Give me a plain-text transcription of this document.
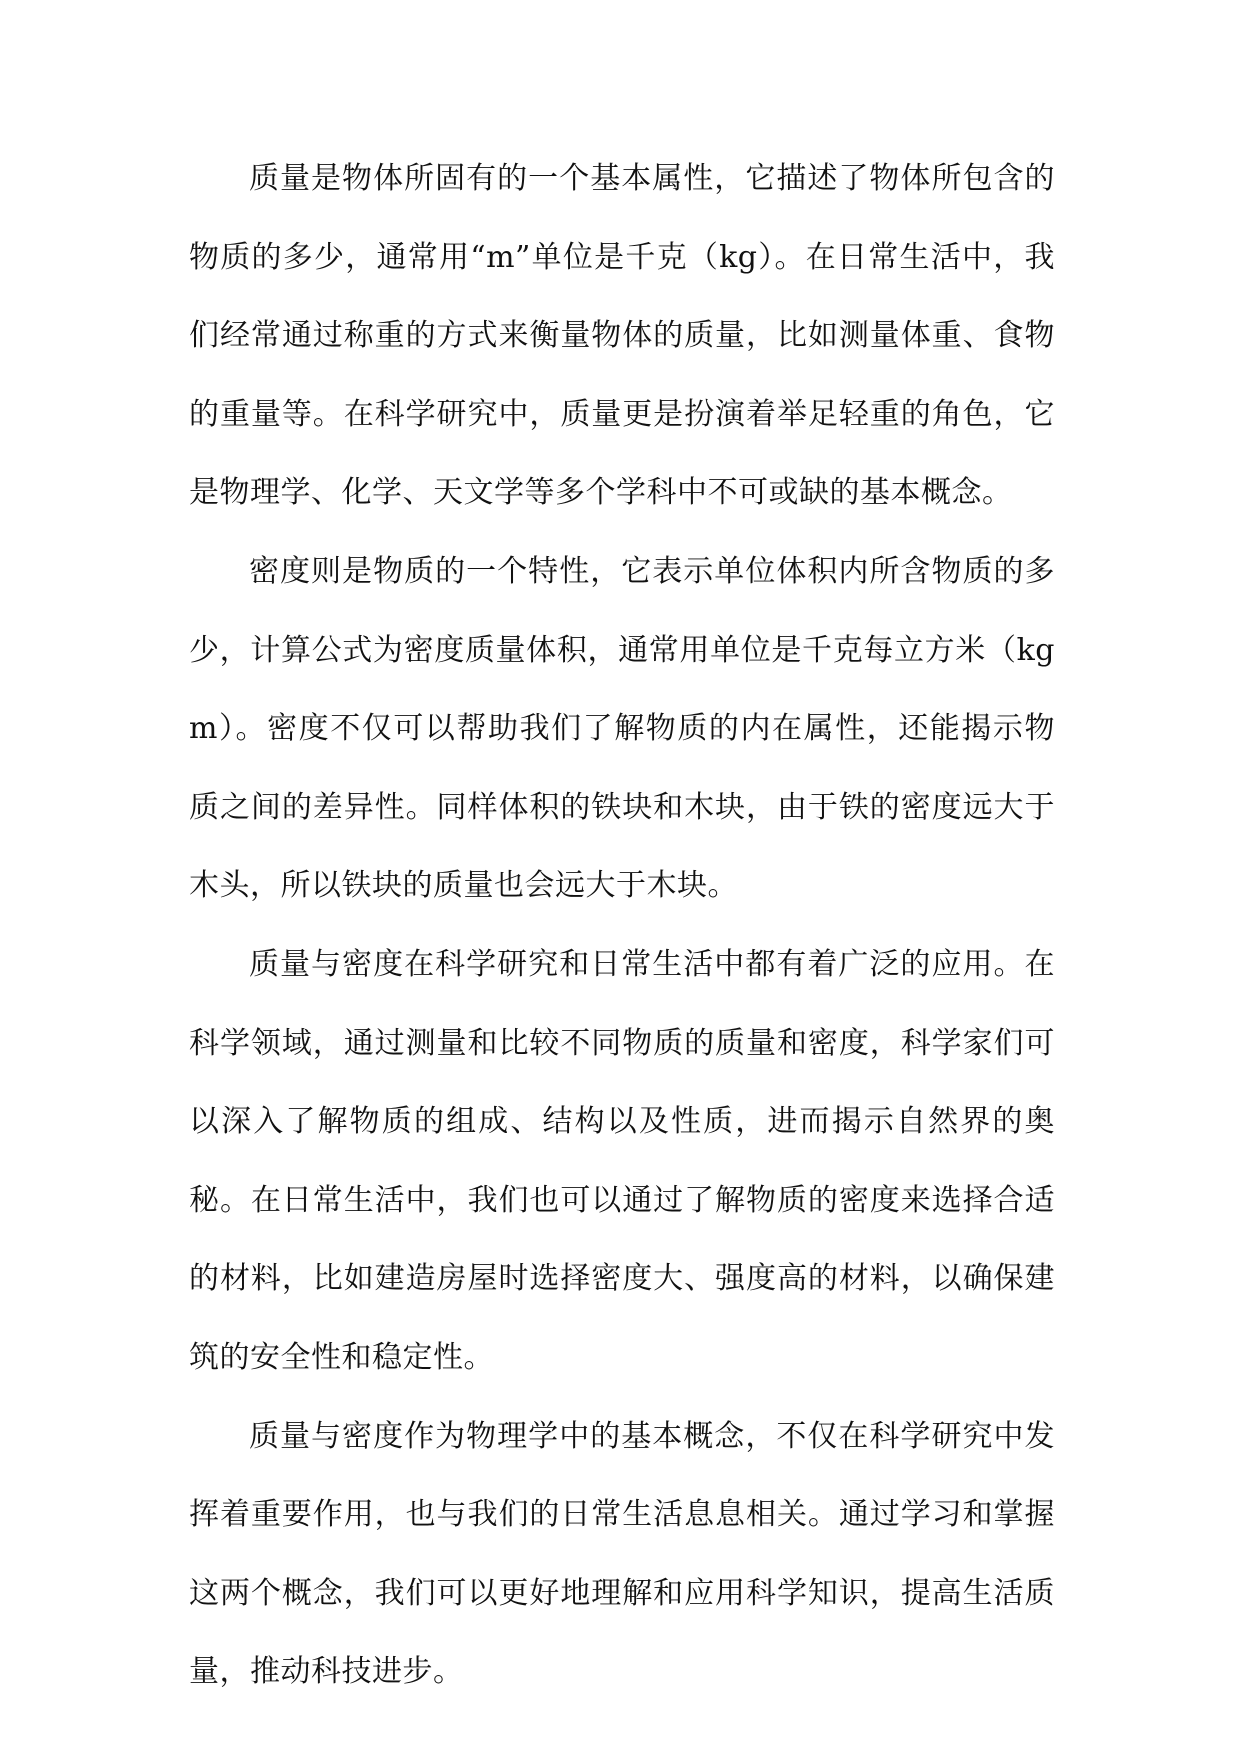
质量是物体所固有的一个基本属性，它描述了物体所包含的物质的多少，通常用“m”单位是千克（kg）。在日常生活中，我们经常通过称重的方式来衡量物体的质量，比如测量体重、食物的重量等。在科学研究中，质量更是扮演着举足轻重的角色，它是物理学、化学、天文学等多个学科中不可或缺的基本概念。

密度则是物质的一个特性，它表示单位体积内所含物质的多少，计算公式为密度质量体积，通常用单位是千克每立方米（kgm）。密度不仅可以帮助我们了解物质的内在属性，还能揭示物质之间的差异性。同样体积的铁块和木块，由于铁的密度远大于木头，所以铁块的质量也会远大于木块。

质量与密度在科学研究和日常生活中都有着广泛的应用。在科学领域，通过测量和比较不同物质的质量和密度，科学家们可以深入了解物质的组成、结构以及性质，进而揭示自然界的奥秘。在日常生活中，我们也可以通过了解物质的密度来选择合适的材料，比如建造房屋时选择密度大、强度高的材料，以确保建筑的安全性和稳定性。

质量与密度作为物理学中的基本概念，不仅在科学研究中发挥着重要作用，也与我们的日常生活息息相关。通过学习和掌握这两个概念，我们可以更好地理解和应用科学知识，提高生活质量，推动科技进步。
